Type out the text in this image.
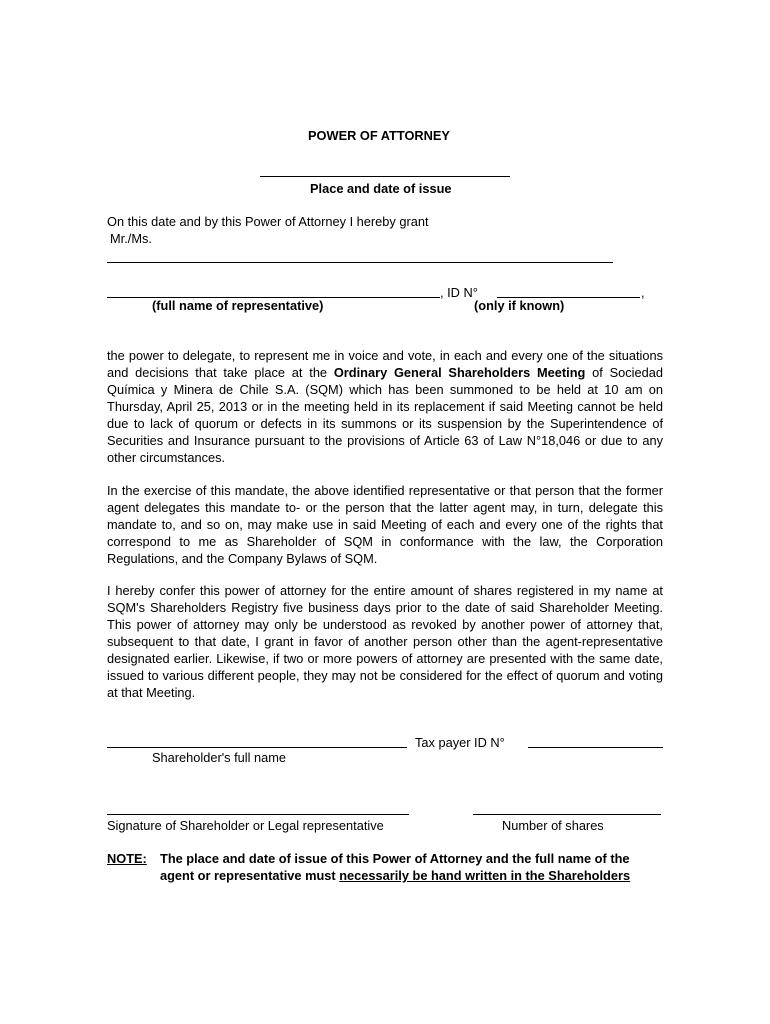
POWER OF ATTORNEY
Place and date of issue
On this date and by this Power of Attorney I hereby grant
Mr./Ms.
, ID N°	,
(full name of representative)	(only if known)

the power to delegate, to represent me in voice and vote, in each and every one of the situations and decisions that take place at the Ordinary General Shareholders Meeting of Sociedad Química y Minera de Chile S.A. (SQM) which has been summoned to be held at 10 am on Thursday, April 25, 2013 or in the meeting held in its replacement if said Meeting cannot be held due to lack of quorum or defects in its summons or its suspension by the Superintendence of Securities and Insurance pursuant to the provisions of Article 63 of Law N°18,046 or due to any other circumstances.

In the exercise of this mandate, the above identified representative or that person that the former agent delegates this mandate to- or the person that the latter agent may, in turn, delegate this mandate to, and so on, may make use in said Meeting of each and every one of the rights that correspond to me as Shareholder of SQM in conformance with the law, the Corporation Regulations, and the Company Bylaws of SQM.

I hereby confer this power of attorney for the entire amount of shares registered in my name at SQM's Shareholders Registry five business days prior to the date of said Shareholder Meeting. This power of attorney may only be understood as revoked by another power of attorney that, subsequent to that date, I grant in favor of another person other than the agent-representative designated earlier. Likewise, if two or more powers of attorney are presented with the same date, issued to various different people, they may not be considered for the effect of quorum and voting at that Meeting.

Tax payer ID N°
Shareholder's full name
Signature of Shareholder or Legal representative	Number of shares
NOTE: The place and date of issue of this Power of Attorney and the full name of the
agent or representative must necessarily be hand written in the Shareholders
